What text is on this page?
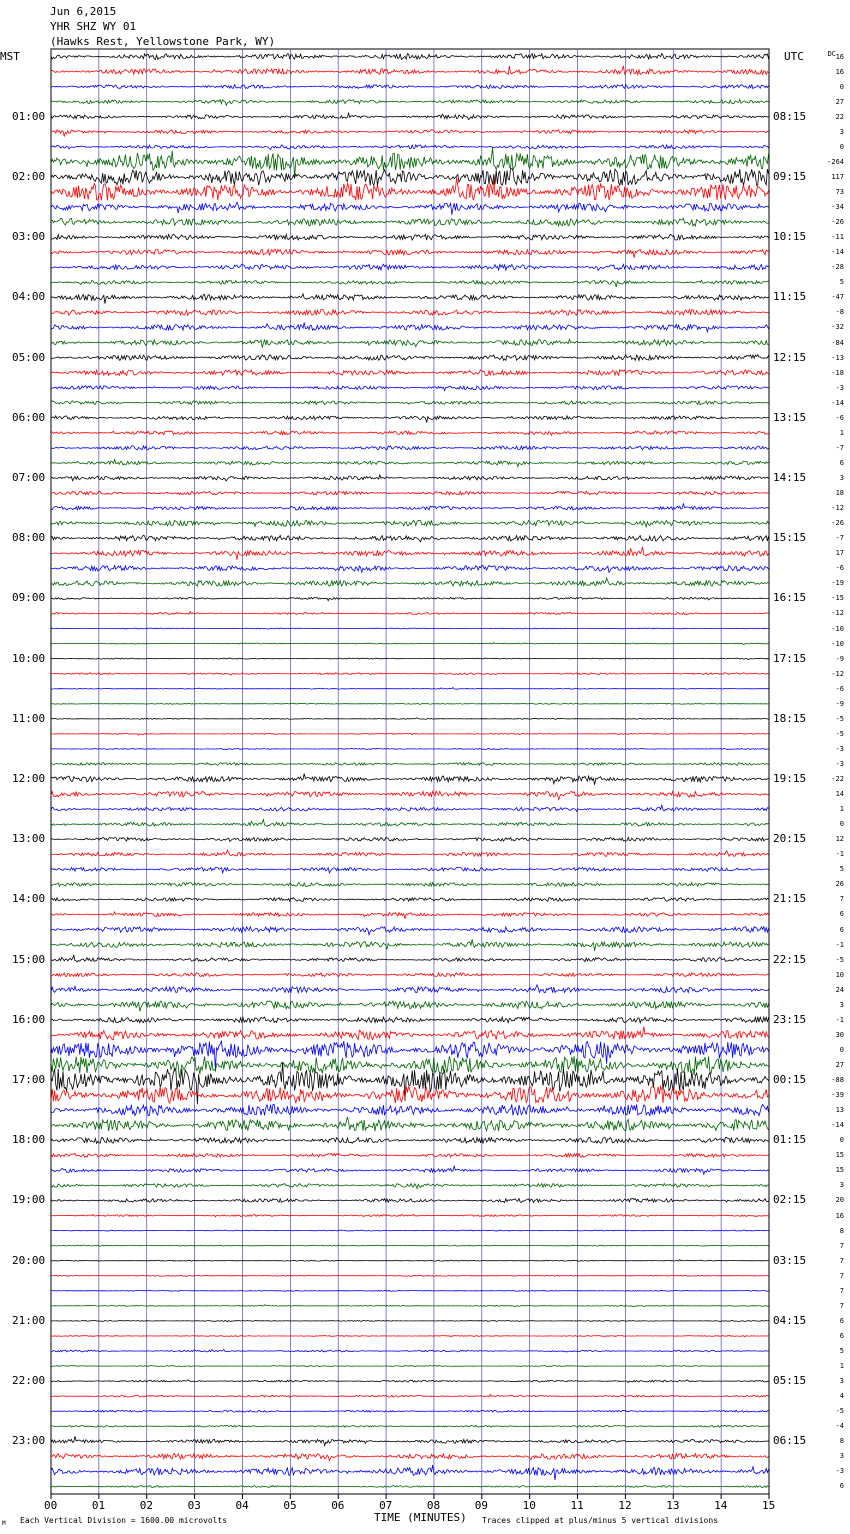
Jun 6,2015
YHR SHZ WY 01
(Hawks Rest, Yellowstone Park, WY)
MST	UTC	DC 16
16
0
27
22
3
0
-264
117
73
-34
-26
-11
-14
-28
5
-47
-8
-32
-84
-13
-18
-3
-14
-6
1
-7
6
3
18
-12
-26
-7
17
-6
-19
-15
-12
-10
-10
-9
-12
-6
-9
-5
-5
-3
-3
-22
14
1
0
12
-1
5
26
7
6
6
-1
-5
10
24
3
-1
30
0
27
-88
-39
13
-14
0
15
15
3
20
16
8
7
7
7
7
7
6
6
5
1
3
4
-5
-4
8
3
-3
6
01:00
02:00
03:00
04:00
05:00
06:00
07:00
08:00
09:00
10:00
11:00
12:00
13:00
14:00
15:00
16:00
17:00
18:00
19:00
20:00
21:00
22:00
23:00
08:15
09:15
10:15
11:15
12:15
13:15
14:15
15:15
16:15
17:15
18:15
19:15
20:15
21:15
22:15
23:15
00:15
01:15
02:15
03:15
04:15
05:15
06:15
00	01	02	03	04	05	06	07	08	09	10	11	12	13	14	15
M Each Vertical Division = 1600.00 microvolts	TIME (MINUTES) Traces clipped at plus/minus 5 vertical divisions
